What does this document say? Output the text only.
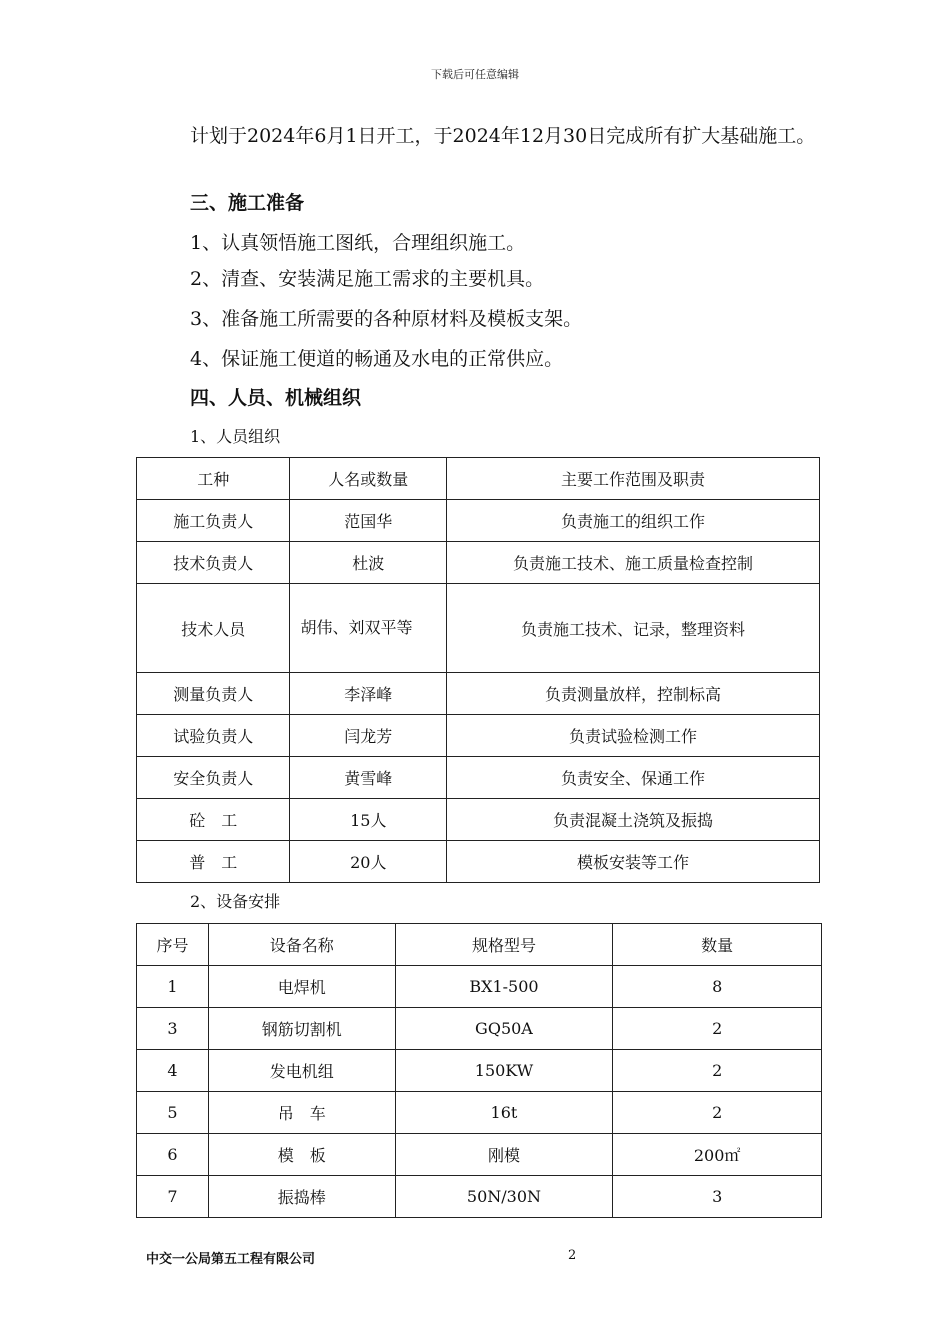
下载后可任意编辑
计划于2024年6月1日开工，于2024年12月30日完成所有扩大基础施工。
三、施工准备
1、认真领悟施工图纸，合理组织施工。
2、清查、安装满足施工需求的主要机具。
3、准备施工所需要的各种原材料及模板支架。
4、保证施工便道的畅通及水电的正常供应。
四、人员、机械组织
1、人员组织
工种	人名或数量	主要工作范围及职责
施工负责人	范国华	负责施工的组织工作
技术负责人	杜波	负责施工技术、施工质量检查控制
技术人员	胡伟、刘双平等	负责施工技术、记录，整理资料
测量负责人	李泽峰	负责测量放样，控制标高
试验负责人	闫龙芳	负责试验检测工作
安全负责人	黄雪峰	负责安全、保通工作
砼　工	15人	负责混凝土浇筑及振捣
普　工	20人	模板安装等工作
2、设备安排
序号	设备名称	规格型号	数量
1	电焊机	BX1-500	8
3	钢筋切割机	GQ50A	2
4	发电机组	150KW	2
5	吊　车	16t	2
6	模　板	刚模	200㎡
7	振捣棒	50N/30N	3
中交一公局第五工程有限公司	2
